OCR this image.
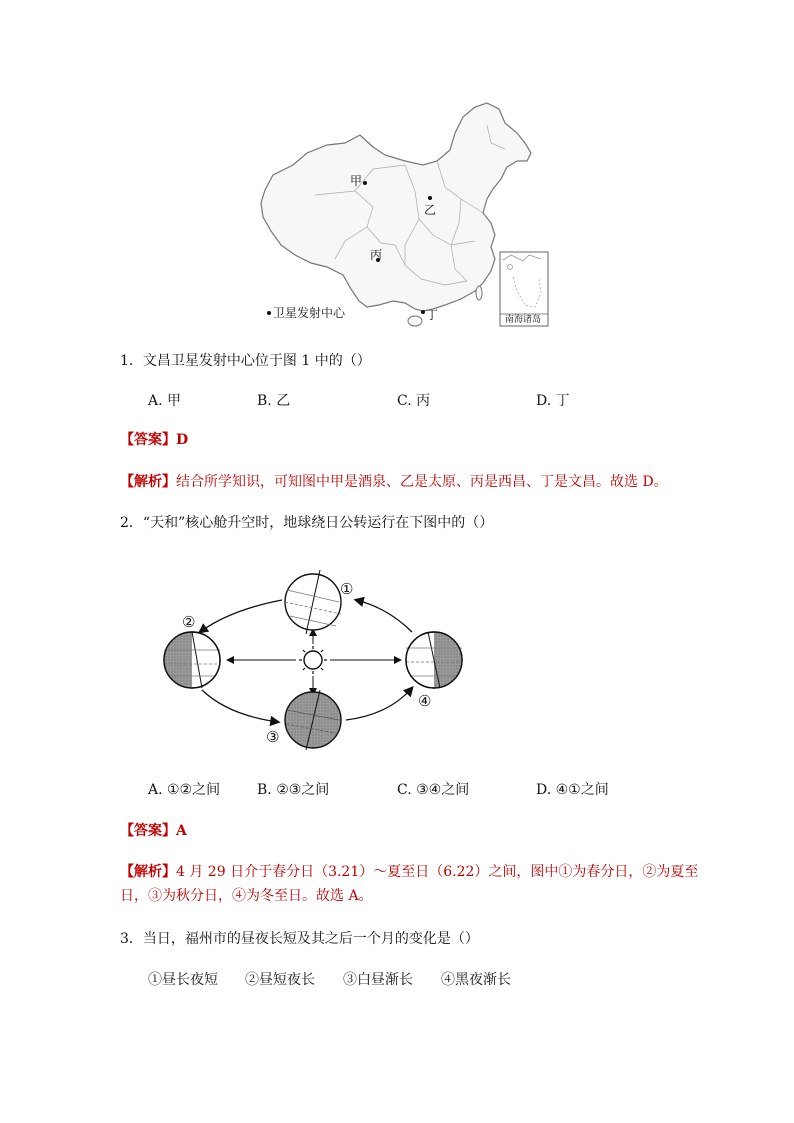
甲
乙
丙
丁
卫星发射中心	南海诸岛
1．文昌卫星发射中心位于图 1 中的（）
A. 甲	B. 乙	C. 丙	D. 丁
【答案】D
【解析】结合所学知识，可知图中甲是酒泉、乙是太原、丙是西昌、丁是文昌。故选 D。
2．“天和”核心舱升空时，地球绕日公转运行在下图中的（）
①
②
③
④
A. ①②之间	B. ②③之间	C. ③④之间	D. ④①之间
【答案】A
【解析】4 月 29 日介于春分日（3.21）～夏至日（6.22）之间，图中①为春分日，②为夏至
日，③为秋分日，④为冬至日。故选 A。
3．当日，福州市的昼夜长短及其之后一个月的变化是（）
①昼长夜短 ②昼短夜长 ③白昼渐长 ④黑夜渐长
